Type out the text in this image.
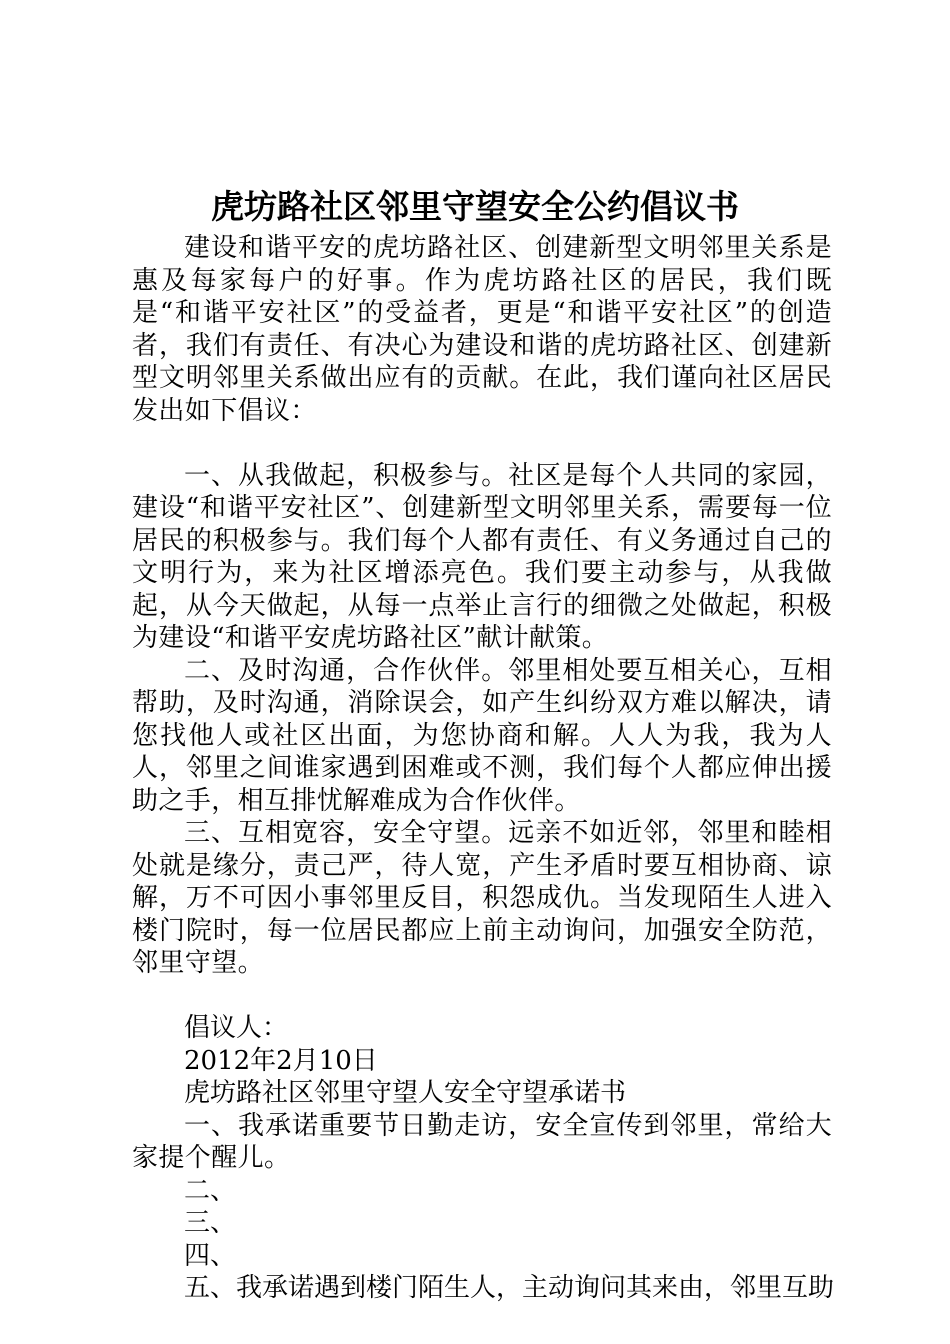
虎坊路社区邻里守望安全公约倡议书

建设和谐平安的虎坊路社区、创建新型文明邻里关系是惠及每家每户的好事。作为虎坊路社区的居民，我们既是“和谐平安社区”的受益者，更是“和谐平安社区”的创造者，我们有责任、有决心为建设和谐的虎坊路社区、创建新型文明邻里关系做出应有的贡献。在此，我们谨向社区居民发出如下倡议：

一、从我做起，积极参与。社区是每个人共同的家园，建设“和谐平安社区”、创建新型文明邻里关系，需要每一位居民的积极参与。我们每个人都有责任、有义务通过自己的文明行为，来为社区增添亮色。我们要主动参与，从我做起，从今天做起，从每一点举止言行的细微之处做起，积极为建设“和谐平安虎坊路社区”献计献策。

二、及时沟通，合作伙伴。邻里相处要互相关心，互相帮助，及时沟通，消除误会，如产生纠纷双方难以解决，请您找他人或社区出面，为您协商和解。人人为我，我为人人，邻里之间谁家遇到困难或不测，我们每个人都应伸出援助之手，相互排忧解难成为合作伙伴。

三、互相宽容，安全守望。远亲不如近邻，邻里和睦相处就是缘分，责己严，待人宽，产生矛盾时要互相协商、谅解，万不可因小事邻里反目，积怨成仇。当发现陌生人进入楼门院时，每一位居民都应上前主动询问，加强安全防范，邻里守望。

倡议人：

2012年2月10日

虎坊路社区邻里守望人安全守望承诺书

一、我承诺重要节日勤走访，安全宣传到邻里，常给大家提个醒儿。

二、

三、

四、

五、我承诺遇到楼门陌生人，主动询问其来由，邻里互助
